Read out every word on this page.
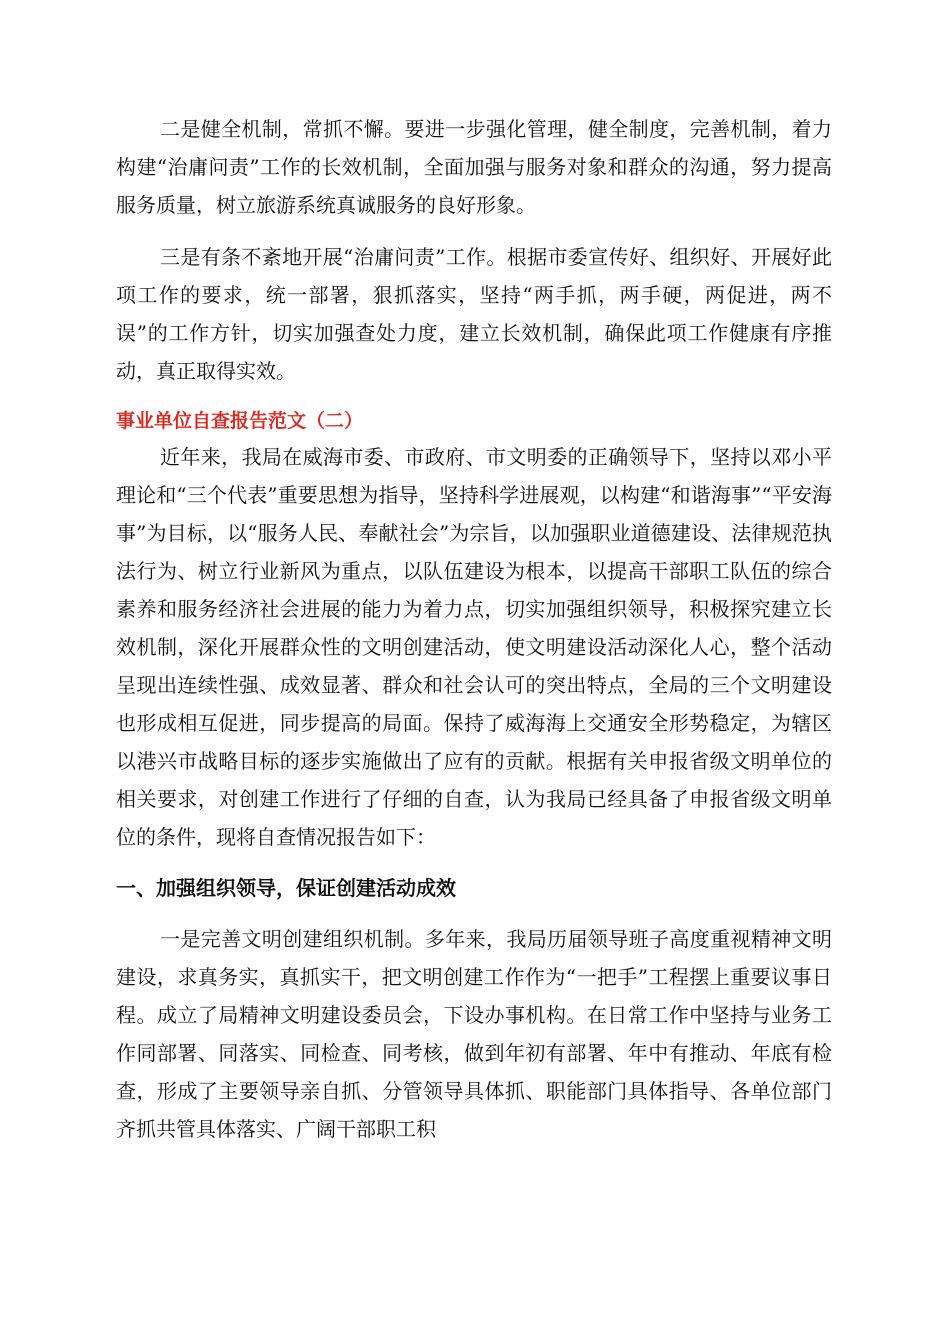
二是健全机制，常抓不懈。要进一步强化管理，健全制度，完善机制，着力构建“治庸问责”工作的长效机制，全面加强与服务对象和群众的沟通，努力提高服务质量，树立旅游系统真诚服务的良好形象。

三是有条不紊地开展“治庸问责”工作。根据市委宣传好、组织好、开展好此项工作的要求，统一部署，狠抓落实，坚持“两手抓，两手硬，两促进，两不误”的工作方针，切实加强查处力度，建立长效机制，确保此项工作健康有序推动，真正取得实效。

事业单位自查报告范文（二）

近年来，我局在威海市委、市政府、市文明委的正确领导下，坚持以邓小平理论和“三个代表”重要思想为指导，坚持科学进展观，以构建“和谐海事”“平安海事”为目标，以“服务人民、奉献社会”为宗旨，以加强职业道德建设、法律规范执法行为、树立行业新风为重点，以队伍建设为根本，以提高干部职工队伍的综合素养和服务经济社会进展的能力为着力点，切实加强组织领导，积极探究建立长效机制，深化开展群众性的文明创建活动，使文明建设活动深化人心，整个活动呈现出连续性强、成效显著、群众和社会认可的突出特点，全局的三个文明建设也形成相互促进，同步提高的局面。保持了威海海上交通安全形势稳定，为辖区以港兴市战略目标的逐步实施做出了应有的贡献。根据有关申报省级文明单位的相关要求，对创建工作进行了仔细的自查，认为我局已经具备了申报省级文明单位的条件，现将自查情况报告如下：

一、加强组织领导，保证创建活动成效

一是完善文明创建组织机制。多年来，我局历届领导班子高度重视精神文明建设，求真务实，真抓实干，把文明创建工作作为“一把手”工程摆上重要议事日程。成立了局精神文明建设委员会，下设办事机构。在日常工作中坚持与业务工作同部署、同落实、同检查、同考核，做到年初有部署、年中有推动、年底有检查，形成了主要领导亲自抓、分管领导具体抓、职能部门具体指导、各单位部门齐抓共管具体落实、广阔干部职工积
